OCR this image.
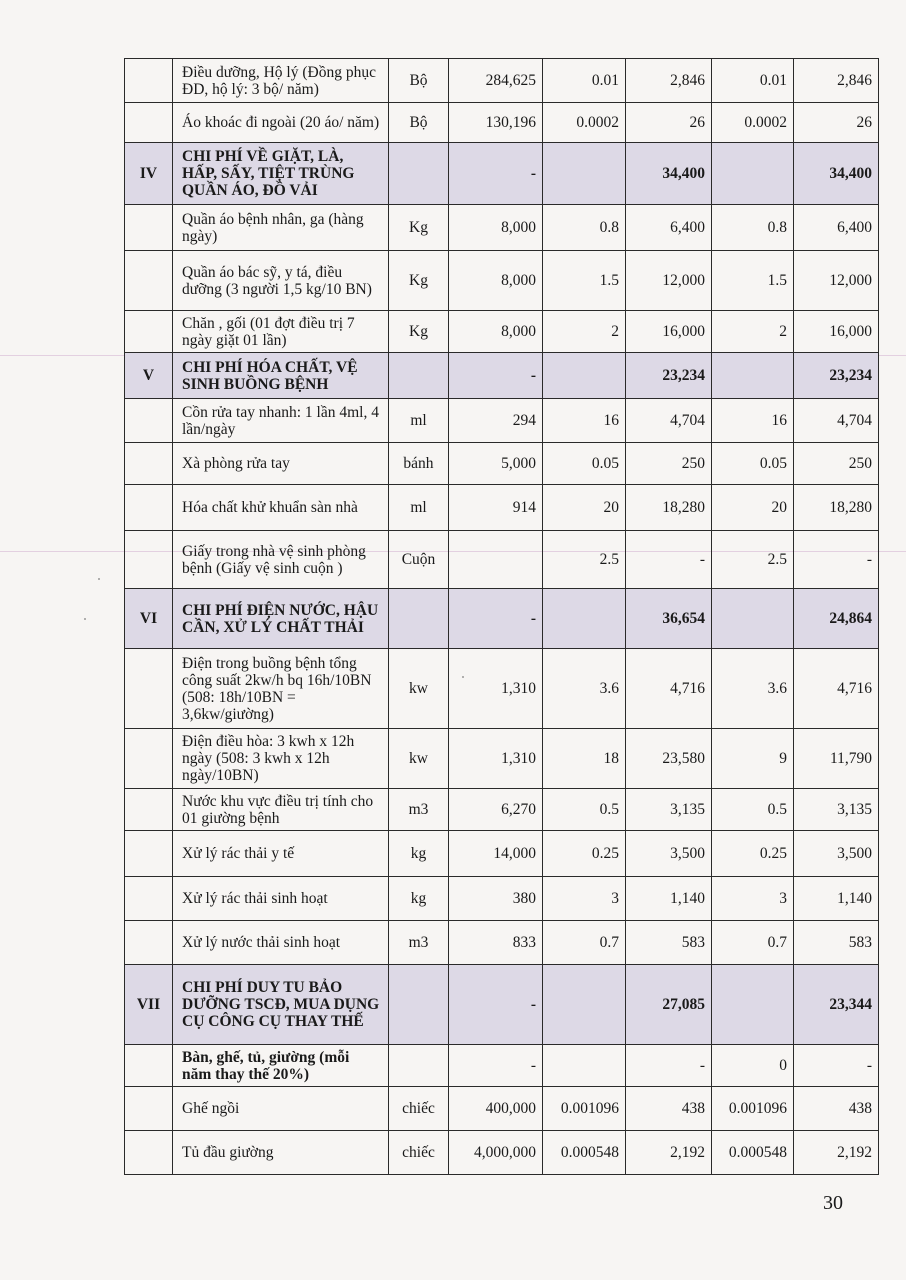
	Điều dưỡng, Hộ lý (Đồng phục ĐD, hộ lý: 3 bộ/ năm)	Bộ	284,625	0.01	2,846	0.01	2,846
	Áo khoác đi ngoài (20 áo/ năm)	Bộ	130,196	0.0002	26	0.0002	26
IV	CHI PHÍ VỀ GIẶT, LÀ, HẤP, SẤY, TIỆT TRÙNG QUẦN ÁO, ĐỒ VẢI		-		34,400		34,400
	Quần áo bệnh nhân, ga (hàng ngày)	Kg	8,000	0.8	6,400	0.8	6,400
	Quần áo bác sỹ, y tá, điều dưỡng (3 người 1,5 kg/10 BN)	Kg	8,000	1.5	12,000	1.5	12,000
	Chăn , gối (01 đợt điều trị 7 ngày giặt 01 lần)	Kg	8,000	2	16,000	2	16,000
V	CHI PHÍ HÓA CHẤT, VỆ SINH BUỒNG BỆNH		-		23,234		23,234
	Cồn rửa tay nhanh: 1 lần 4ml, 4 lần/ngày	ml	294	16	4,704	16	4,704
	Xà phòng rửa tay	bánh	5,000	0.05	250	0.05	250
	Hóa chất khử khuẩn sàn nhà	ml	914	20	18,280	20	18,280
	Giấy trong nhà vệ sinh phòng bệnh (Giấy vệ sinh cuộn )	Cuộn		2.5	-	2.5	-
VI	CHI PHÍ ĐIỆN NƯỚC, HẬU CẦN, XỬ LÝ CHẤT THẢI		-		36,654		24,864
	Điện trong buồng bệnh tổng công suất 2kw/h bq 16h/10BN (508: 18h/10BN = 3,6kw/giường)	kw	1,310	3.6	4,716	3.6	4,716
	Điện điều hòa: 3 kwh x 12h ngày (508: 3 kwh x 12h ngày/10BN)	kw	1,310	18	23,580	9	11,790
	Nước khu vực điều trị tính cho 01 giường bệnh	m3	6,270	0.5	3,135	0.5	3,135
	Xử lý rác thải y tế	kg	14,000	0.25	3,500	0.25	3,500
	Xử lý rác thải sinh hoạt	kg	380	3	1,140	3	1,140
	Xử lý nước thải sinh hoạt	m3	833	0.7	583	0.7	583
VII	CHI PHÍ DUY TU BẢO DƯỠNG TSCĐ, MUA DỤNG CỤ CÔNG CỤ THAY THẾ		-		27,085		23,344
	Bàn, ghế, tủ, giường (mỗi năm thay thế 20%)		-		-	0	-
	Ghế ngồi	chiếc	400,000	0.001096	438	0.001096	438
	Tủ đầu giường	chiếc	4,000,000	0.000548	2,192	0.000548	2,192
30
